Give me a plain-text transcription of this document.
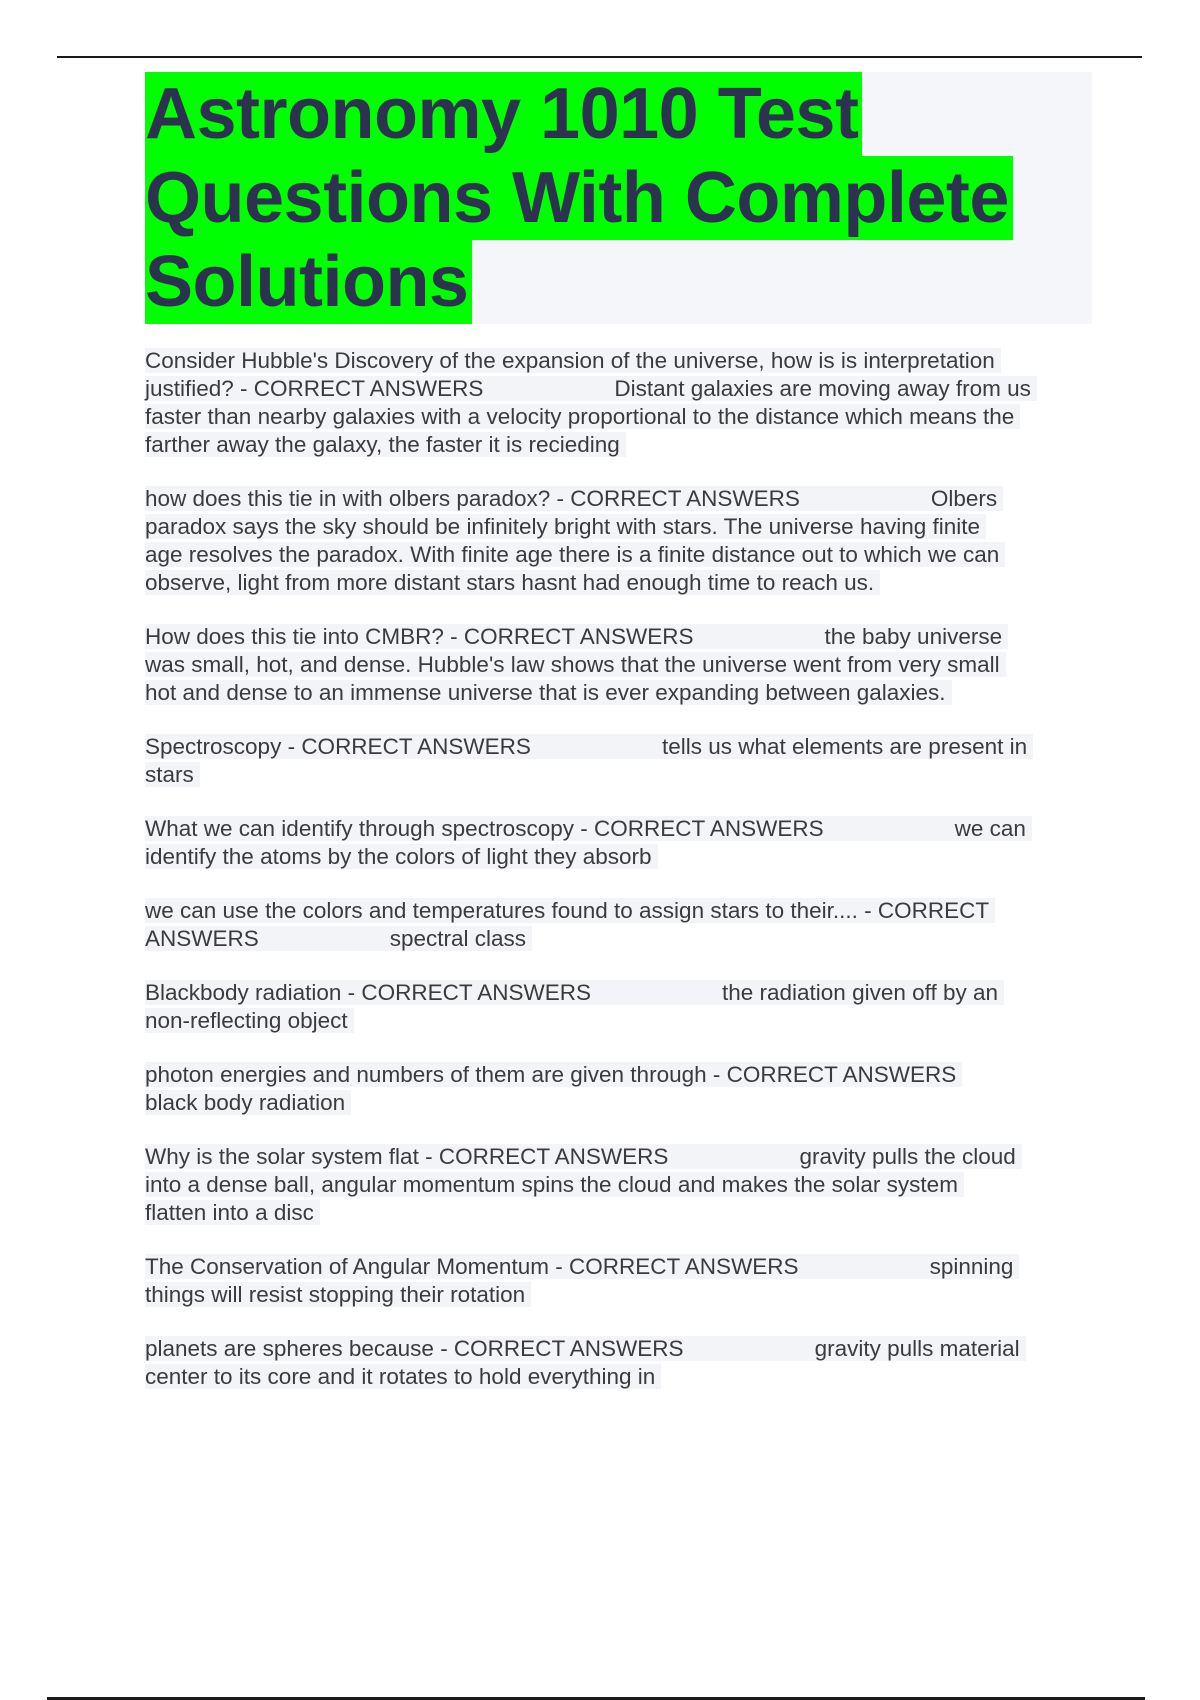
Astronomy 1010 Test
Questions With Complete
Solutions

Consider Hubble's Discovery of the expansion of the universe, how is is interpretation
justified? - CORRECT ANSWERS	Distant galaxies are moving away from us
faster than nearby galaxies with a velocity proportional to the distance which means the
farther away the galaxy, the faster it is recieding

how does this tie in with olbers paradox? - CORRECT ANSWERS	Olbers
paradox says the sky should be infinitely bright with stars. The universe having finite
age resolves the paradox. With finite age there is a finite distance out to which we can
observe, light from more distant stars hasnt had enough time to reach us.

How does this tie into CMBR? - CORRECT ANSWERS	the baby universe
was small, hot, and dense. Hubble's law shows that the universe went from very small
hot and dense to an immense universe that is ever expanding between galaxies.

Spectroscopy - CORRECT ANSWERS	tells us what elements are present in
stars

What we can identify through spectroscopy - CORRECT ANSWERS	we can
identify the atoms by the colors of light they absorb

we can use the colors and temperatures found to assign stars to their.... - CORRECT
ANSWERS	spectral class

Blackbody radiation - CORRECT ANSWERS	the radiation given off by an
non-reflecting object

photon energies and numbers of them are given through - CORRECT ANSWERS
black body radiation

Why is the solar system flat - CORRECT ANSWERS	gravity pulls the cloud
into a dense ball, angular momentum spins the cloud and makes the solar system
flatten into a disc

The Conservation of Angular Momentum - CORRECT ANSWERS	spinning
things will resist stopping their rotation

planets are spheres because - CORRECT ANSWERS	gravity pulls material
center to its core and it rotates to hold everything in
